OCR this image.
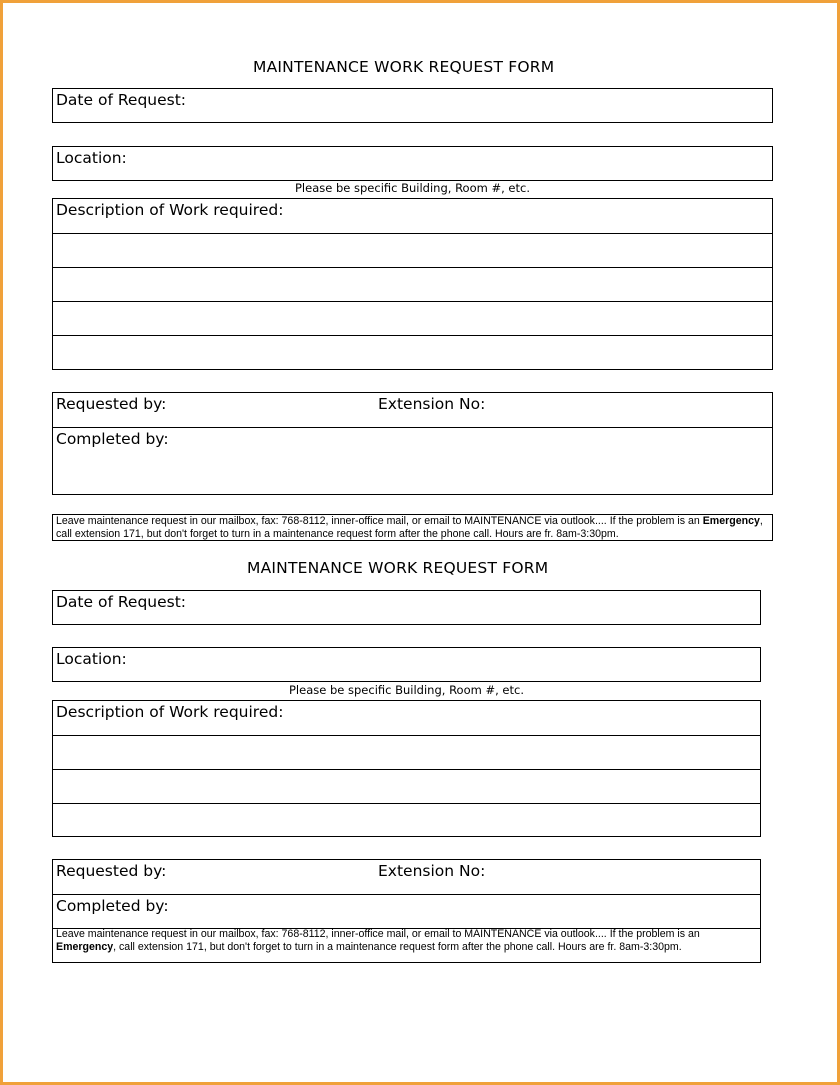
MAINTENANCE WORK REQUEST FORM
Date of Request:
Location:
Please be specific Building, Room #, etc.
Description of Work required:
Requested by:	Extension No:
Completed by:
Leave maintenance request in our mailbox, fax: 768-8112, inner-office mail, or email to MAINTENANCE via outlook.... If the problem is an Emergency, call extension 171, but don't forget to turn in a maintenance request form after the phone call. Hours are fr. 8am-3:30pm.
MAINTENANCE WORK REQUEST FORM
Date of Request:
Location:
Please be specific Building, Room #, etc.
Description of Work required:
Requested by:	Extension No:
Completed by:
Leave maintenance request in our mailbox, fax: 768-8112, inner-office mail, or email to MAINTENANCE via outlook.... If the problem is an Emergency, call extension 171, but don't forget to turn in a maintenance request form after the phone call. Hours are fr. 8am-3:30pm.
